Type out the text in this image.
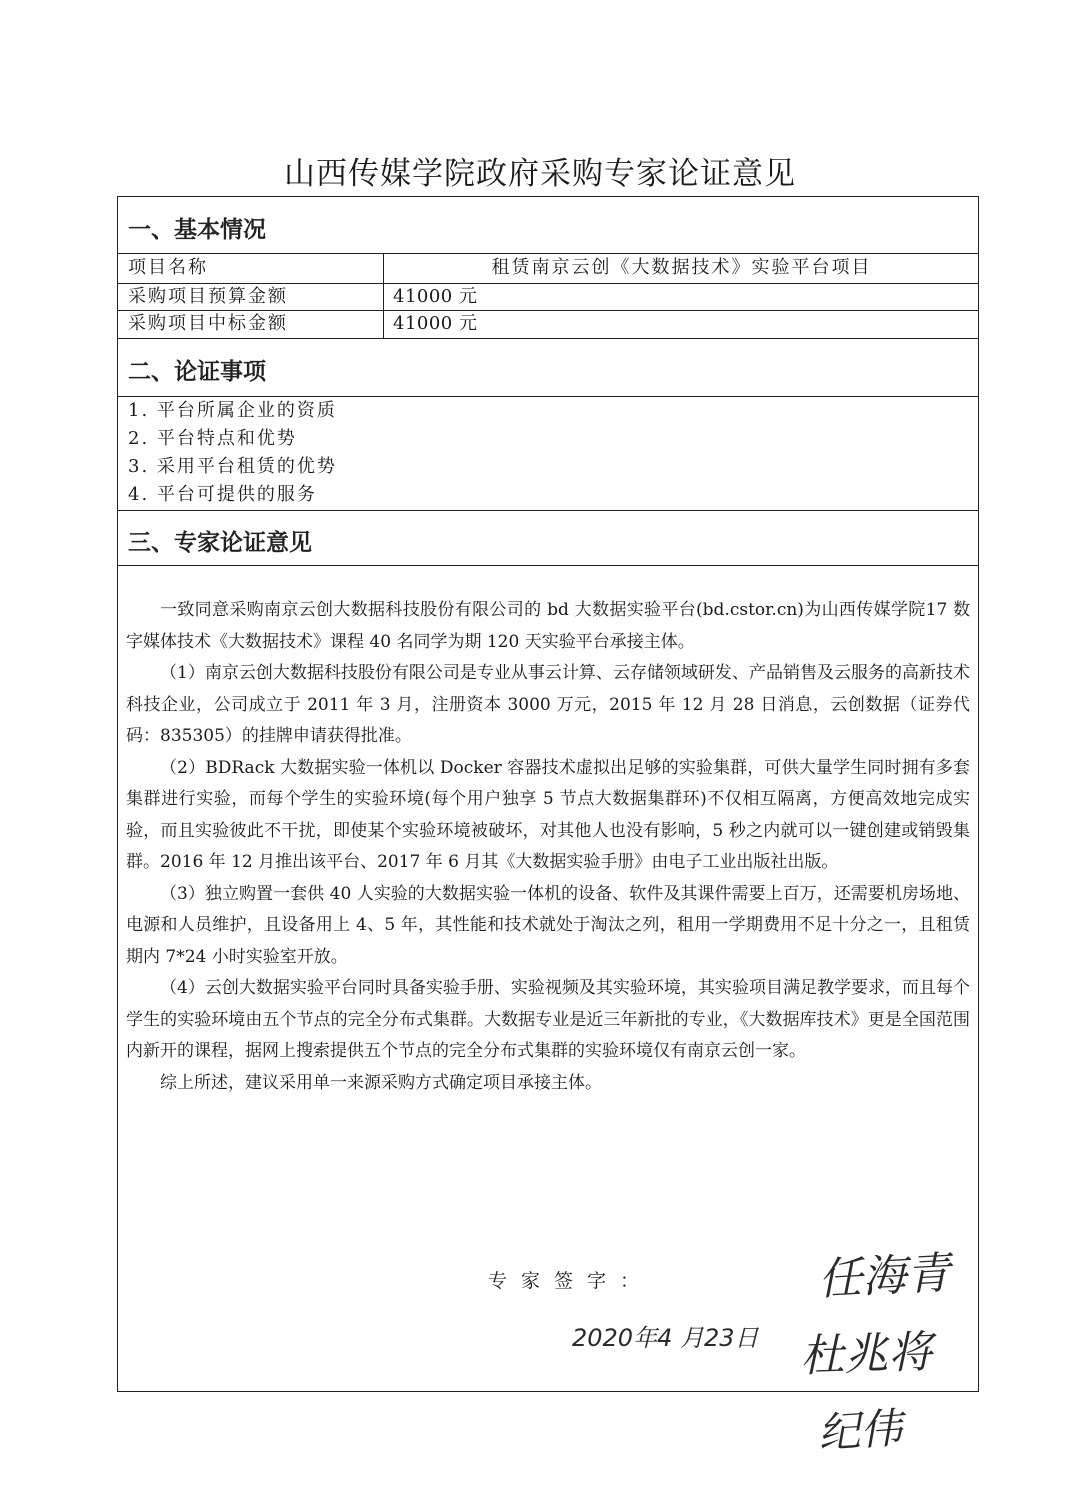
山西传媒学院政府采购专家论证意见
一、基本情况
项目名称	租赁南京云创《大数据技术》实验平台项目
采购项目预算金额	41000 元
采购项目中标金额	41000 元
二、论证事项
1. 平台所属企业的资质
2. 平台特点和优势
3. 采用平台租赁的优势
4. 平台可提供的服务
三、专家论证意见

一致同意采购南京云创大数据科技股份有限公司的 bd 大数据实验平台(bd.cstor.cn)为山西传媒学院17 数字媒体技术《大数据技术》课程 40 名同学为期 120 天实验平台承接主体。

（1）南京云创大数据科技股份有限公司是专业从事云计算、云存储领域研发、产品销售及云服务的高新技术科技企业，公司成立于 2011 年 3 月，注册资本 3000 万元，2015 年 12 月 28 日消息，云创数据（证券代码：835305）的挂牌申请获得批准。

（2）BDRack 大数据实验一体机以 Docker 容器技术虚拟出足够的实验集群，可供大量学生同时拥有多套集群进行实验，而每个学生的实验环境(每个用户独享 5 节点大数据集群环)不仅相互隔离，方便高效地完成实验，而且实验彼此不干扰，即使某个实验环境被破坏，对其他人也没有影响，5 秒之内就可以一键创建或销毁集群。2016 年 12 月推出该平台、2017 年 6 月其《大数据实验手册》由电子工业出版社出版。

（3）独立购置一套供 40 人实验的大数据实验一体机的设备、软件及其课件需要上百万，还需要机房场地、电源和人员维护，且设备用上 4、5 年，其性能和技术就处于淘汰之列，租用一学期费用不足十分之一，且租赁期内 7*24 小时实验室开放。

（4）云创大数据实验平台同时具备实验手册、实验视频及其实验环境，其实验项目满足教学要求，而且每个学生的实验环境由五个节点的完全分布式集群。大数据专业是近三年新批的专业，《大数据库技术》更是全国范围内新开的课程，据网上搜索提供五个节点的完全分布式集群的实验环境仅有南京云创一家。

综上所述，建议采用单一来源采购方式确定项目承接主体。

专家签字：
2020年4 月23日
任海青
杜兆将
纪伟
